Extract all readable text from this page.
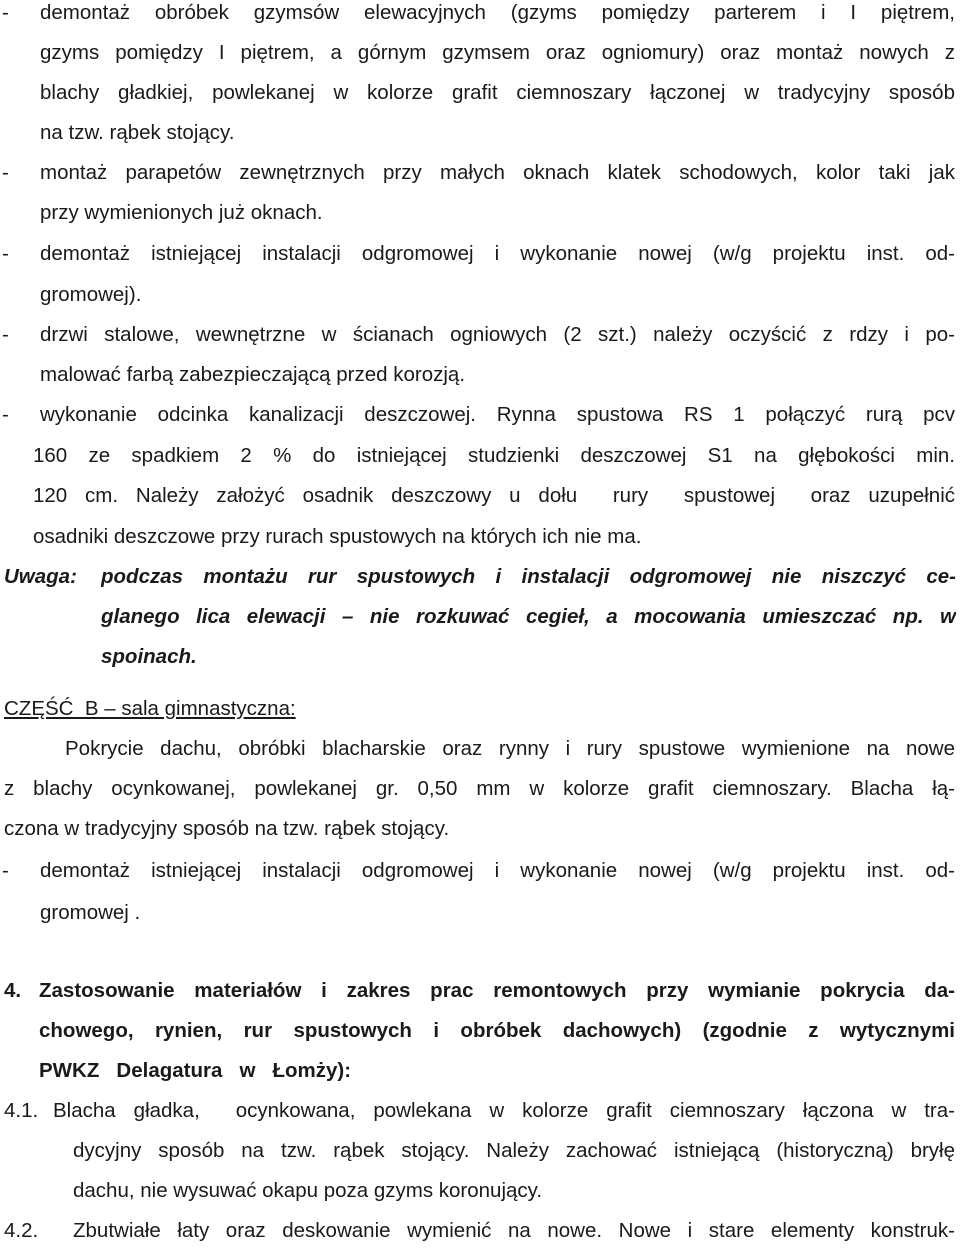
- demontaż obróbek gzymsów elewacyjnych (gzyms pomiędzy parterem i I piętrem,
gzyms pomiędzy I piętrem, a górnym gzymsem oraz ogniomury) oraz montaż nowych z
blachy gładkiej, powlekanej w kolorze grafit ciemnoszary łączonej w tradycyjny sposób
na tzw. rąbek stojący.
- montaż parapetów zewnętrznych przy małych oknach klatek schodowych, kolor taki jak
przy wymienionych już oknach.
- demontaż istniejącej instalacji odgromowej i wykonanie nowej (w/g projektu inst. od-
gromowej).
- drzwi stalowe, wewnętrzne w ścianach ogniowych (2 szt.) należy oczyścić z rdzy i po-
malować farbą zabezpieczającą przed korozją.
- wykonanie odcinka kanalizacji deszczowej. Rynna spustowa RS 1 połączyć rurą pcv
160 ze spadkiem 2 % do istniejącej studzienki deszczowej S1 na głębokości min.
120 cm. Należy założyć osadnik deszczowy u dołu  rury  spustowej  oraz uzupełnić
osadniki deszczowe przy rurach spustowych na których ich nie ma.
Uwaga: podczas montażu rur spustowych i instalacji odgromowej nie niszczyć ce-
glanego lica elewacji – nie rozkuwać cegieł, a mocowania umieszczać np. w
spoinach.
CZĘŚĆ  B – sala gimnastyczna:
Pokrycie dachu, obróbki blacharskie oraz rynny i rury spustowe wymienione na nowe
z blachy ocynkowanej, powlekanej gr. 0,50 mm w kolorze grafit ciemnoszary. Blacha łą-
czona w tradycyjny sposób na tzw. rąbek stojący.
- demontaż istniejącej instalacji odgromowej i wykonanie nowej (w/g projektu inst. od-
gromowej .
4. Zastosowanie materiałów i zakres prac remontowych przy wymianie pokrycia da-
chowego, rynien, rur spustowych i obróbek dachowych) (zgodnie z wytycznymi
PWKZ   Delagatura   w   Łomży):
4.1. Blacha gładka,  ocynkowana, powlekana w kolorze grafit ciemnoszary łączona w tra-
dycyjny sposób na tzw. rąbek stojący. Należy zachować istniejącą (historyczną) bryłę
dachu, nie wysuwać okapu poza gzyms koronujący.
4.2. Zbutwiałe łaty oraz deskowanie wymienić na nowe. Nowe i stare elementy konstruk-
